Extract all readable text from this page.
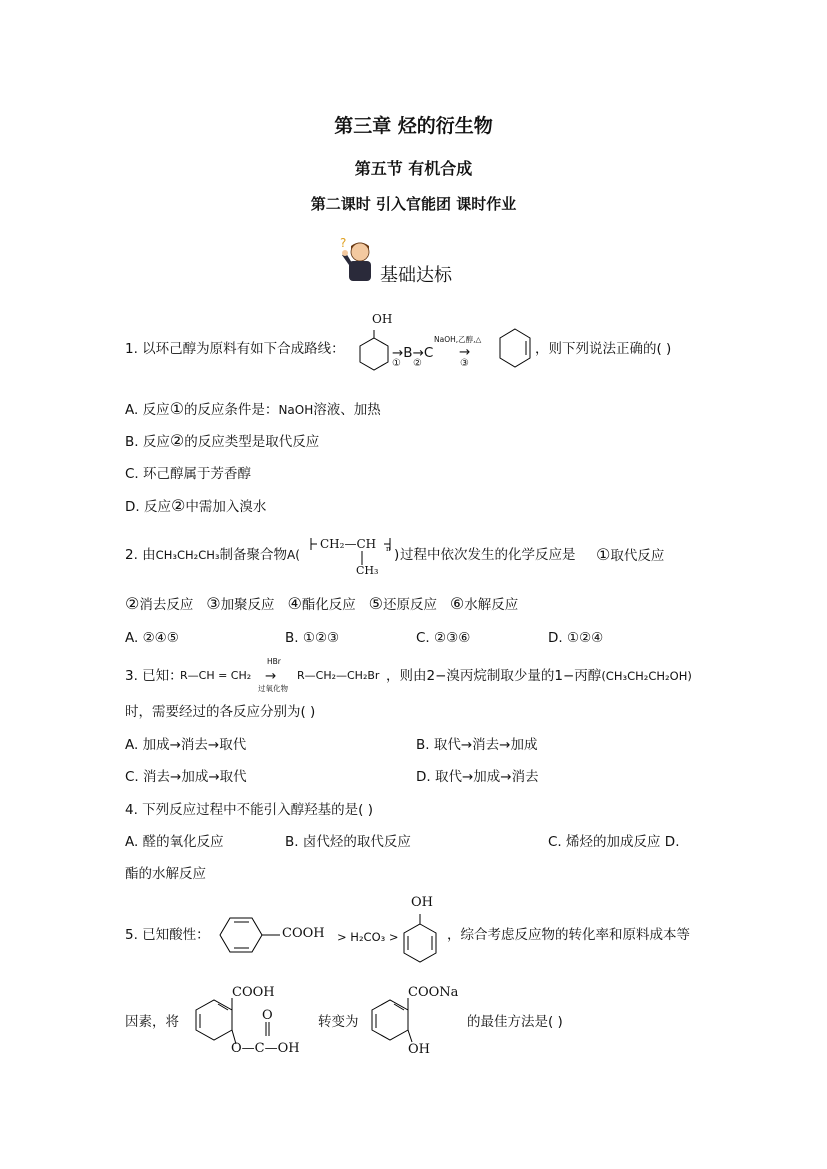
第三章 烃的衍生物
第五节 有机合成
第二课时 引入官能团 课时作业
?
基础达标
1. 以环己醇为原料有如下合成路线：
OH
→B→C
① ②
NaOH,乙醇,△
→
③
，则下列说法正确的( )
A. 反应①的反应条件是：NaOH溶液、加热
B. 反应②的反应类型是取代反应
C. 环己醇属于芳香醇
D. 反应②中需加入溴水
2. 由CH₃CH₂CH₃制备聚合物A(
CH₂—CH n
CH₃
) 过程中依次发生的化学反应是 ①取代反应
②消去反应 ③加聚反应 ④酯化反应 ⑤还原反应 ⑥水解反应
A. ②④⑤	B. ①②③	C. ②③⑥	D. ①②④
3. 已知：
R—CH = CH₂
HBr
→
过氧化物
R—CH₂—CH₂Br ，则由2−溴丙烷制取少量的1−丙醇(CH₃CH₂CH₂OH)
时，需要经过的各反应分别为( )
A. 加成→消去→取代	B. 取代→消去→加成
C. 消去→加成→取代	D. 取代→加成→消去
4. 下列反应过程中不能引入醇羟基的是( )
A. 醛的氧化反应	B. 卤代烃的取代反应	C. 烯烃的加成反应 D.
酯的水解反应
5. 已知酸性：	COOH > H₂CO₃ >
OH
，综合考虑反应物的转化率和原料成本等
因素，将
COOH
O
O—C—OH
转变为
COONa
OH
的最佳方法是( )
